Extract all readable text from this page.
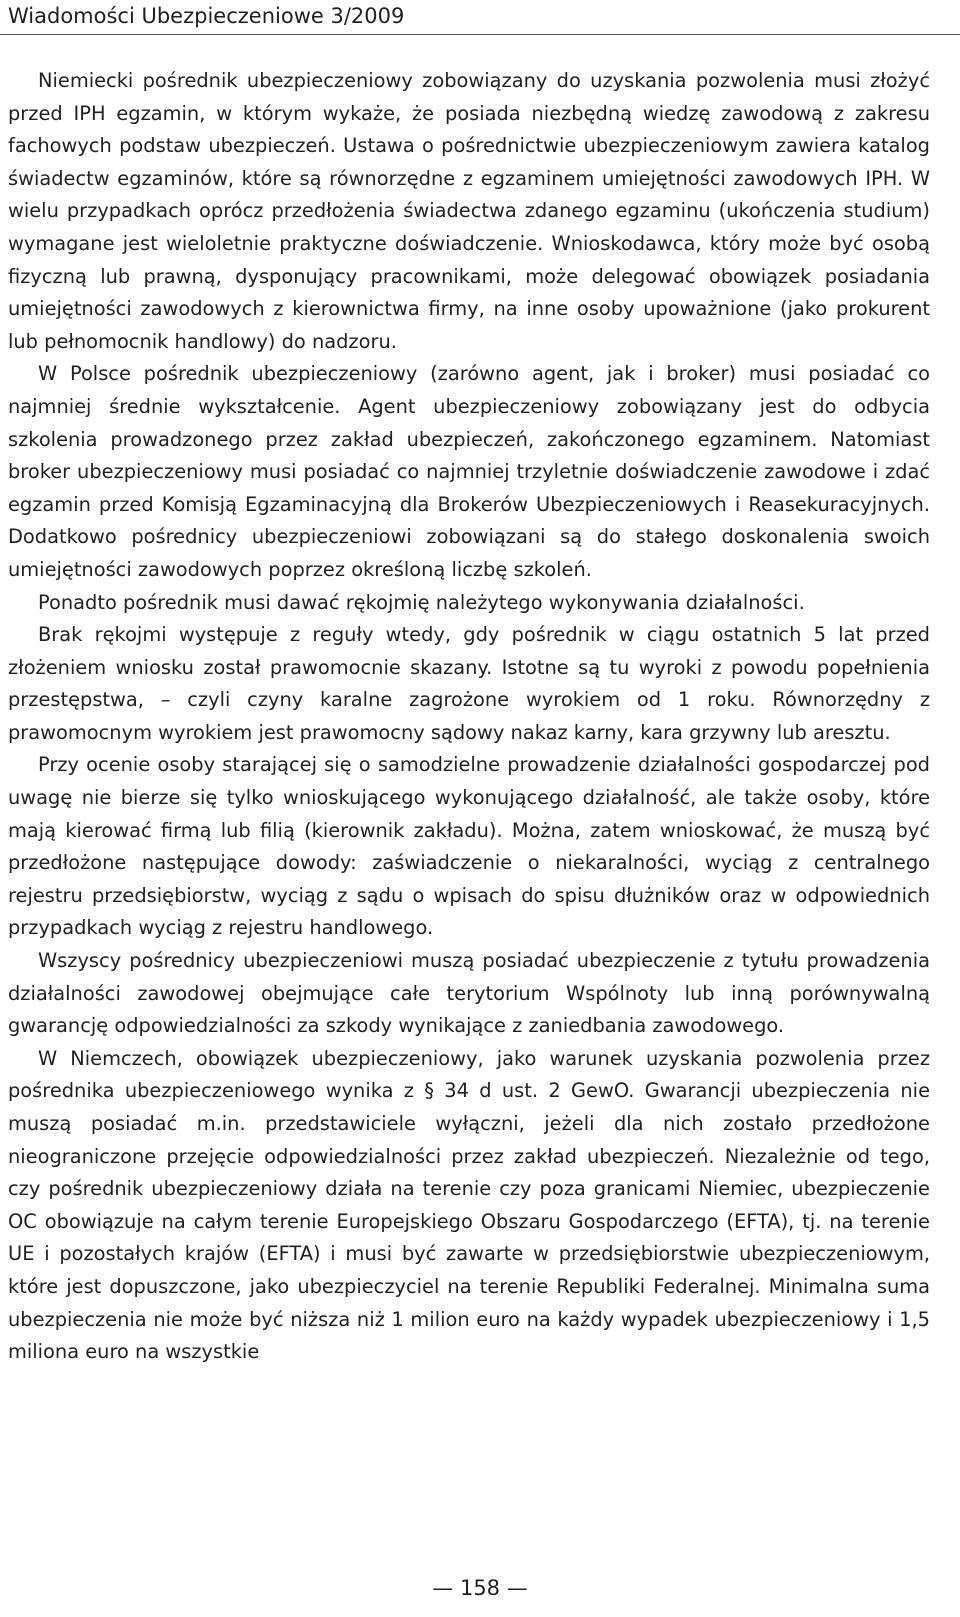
Wiadomości Ubezpieczeniowe 3/2009

Niemiecki pośrednik ubezpieczeniowy zobowiązany do uzyskania pozwolenia musi złożyć przed IPH egzamin, w którym wykaże, że posiada niezbędną wiedzę zawodową z zakresu fachowych podstaw ubezpieczeń. Ustawa o pośrednictwie ubezpieczeniowym zawiera katalog świadectw egzaminów, które są równorzędne z egzaminem umiejętności zawodowych IPH. W wielu przypadkach oprócz przedłożenia świadectwa zdanego egzaminu (ukończenia studium) wymagane jest wieloletnie praktyczne doświadczenie. Wnioskodawca, który może być osobą fizyczną lub prawną, dysponujący pracownikami, może delegować obowiązek posiadania umiejętności zawodowych z kierownictwa firmy, na inne osoby upoważnione (jako prokurent lub pełnomocnik handlowy) do nadzoru.

W Polsce pośrednik ubezpieczeniowy (zarówno agent, jak i broker) musi posiadać co najmniej średnie wykształcenie. Agent ubezpieczeniowy zobowiązany jest do odbycia szkolenia prowadzonego przez zakład ubezpieczeń, zakończonego egzaminem. Natomiast broker ubezpieczeniowy musi posiadać co najmniej trzyletnie doświadczenie zawodowe i zdać egzamin przed Komisją Egzaminacyjną dla Brokerów Ubezpieczeniowych i Reasekuracyjnych. Dodatkowo pośrednicy ubezpieczeniowi zobowiązani są do stałego doskonalenia swoich umiejętności zawodowych poprzez określoną liczbę szkoleń.

Ponadto pośrednik musi dawać rękojmię należytego wykonywania działalności.

Brak rękojmi występuje z reguły wtedy, gdy pośrednik w ciągu ostatnich 5 lat przed złożeniem wniosku został prawomocnie skazany. Istotne są tu wyroki z powodu popełnienia przestępstwa, – czyli czyny karalne zagrożone wyrokiem od 1 roku. Równorzędny z prawomocnym wyrokiem jest prawomocny sądowy nakaz karny, kara grzywny lub aresztu.

Przy ocenie osoby starającej się o samodzielne prowadzenie działalności gospodarczej pod uwagę nie bierze się tylko wnioskującego wykonującego działalność, ale także osoby, które mają kierować firmą lub filią (kierownik zakładu). Można, zatem wnioskować, że muszą być przedłożone następujące dowody: zaświadczenie o niekaralności, wyciąg z centralnego rejestru przedsiębiorstw, wyciąg z sądu o wpisach do spisu dłużników oraz w odpowiednich przypadkach wyciąg z rejestru handlowego.

Wszyscy pośrednicy ubezpieczeniowi muszą posiadać ubezpieczenie z tytułu prowadzenia działalności zawodowej obejmujące całe terytorium Wspólnoty lub inną porównywalną gwarancję odpowiedzialności za szkody wynikające z zaniedbania zawodowego.

W Niemczech, obowiązek ubezpieczeniowy, jako warunek uzyskania pozwolenia przez pośrednika ubezpieczeniowego wynika z § 34 d ust. 2 GewO. Gwarancji ubezpieczenia nie muszą posiadać m.in. przedstawiciele wyłączni, jeżeli dla nich zostało przedłożone nieograniczone przejęcie odpowiedzialności przez zakład ubezpieczeń. Niezależnie od tego, czy pośrednik ubezpieczeniowy działa na terenie czy poza granicami Niemiec, ubezpieczenie OC obowiązuje na całym terenie Europejskiego Obszaru Gospodarczego (EFTA), tj. na terenie UE i pozostałych krajów (EFTA) i musi być zawarte w przedsiębiorstwie ubezpieczeniowym, które jest dopuszczone, jako ubezpieczyciel na terenie Republiki Federalnej. Minimalna suma ubezpieczenia nie może być niższa niż 1 milion euro na każdy wypadek ubezpieczeniowy i 1,5 miliona euro na wszystkie

— 158 —
